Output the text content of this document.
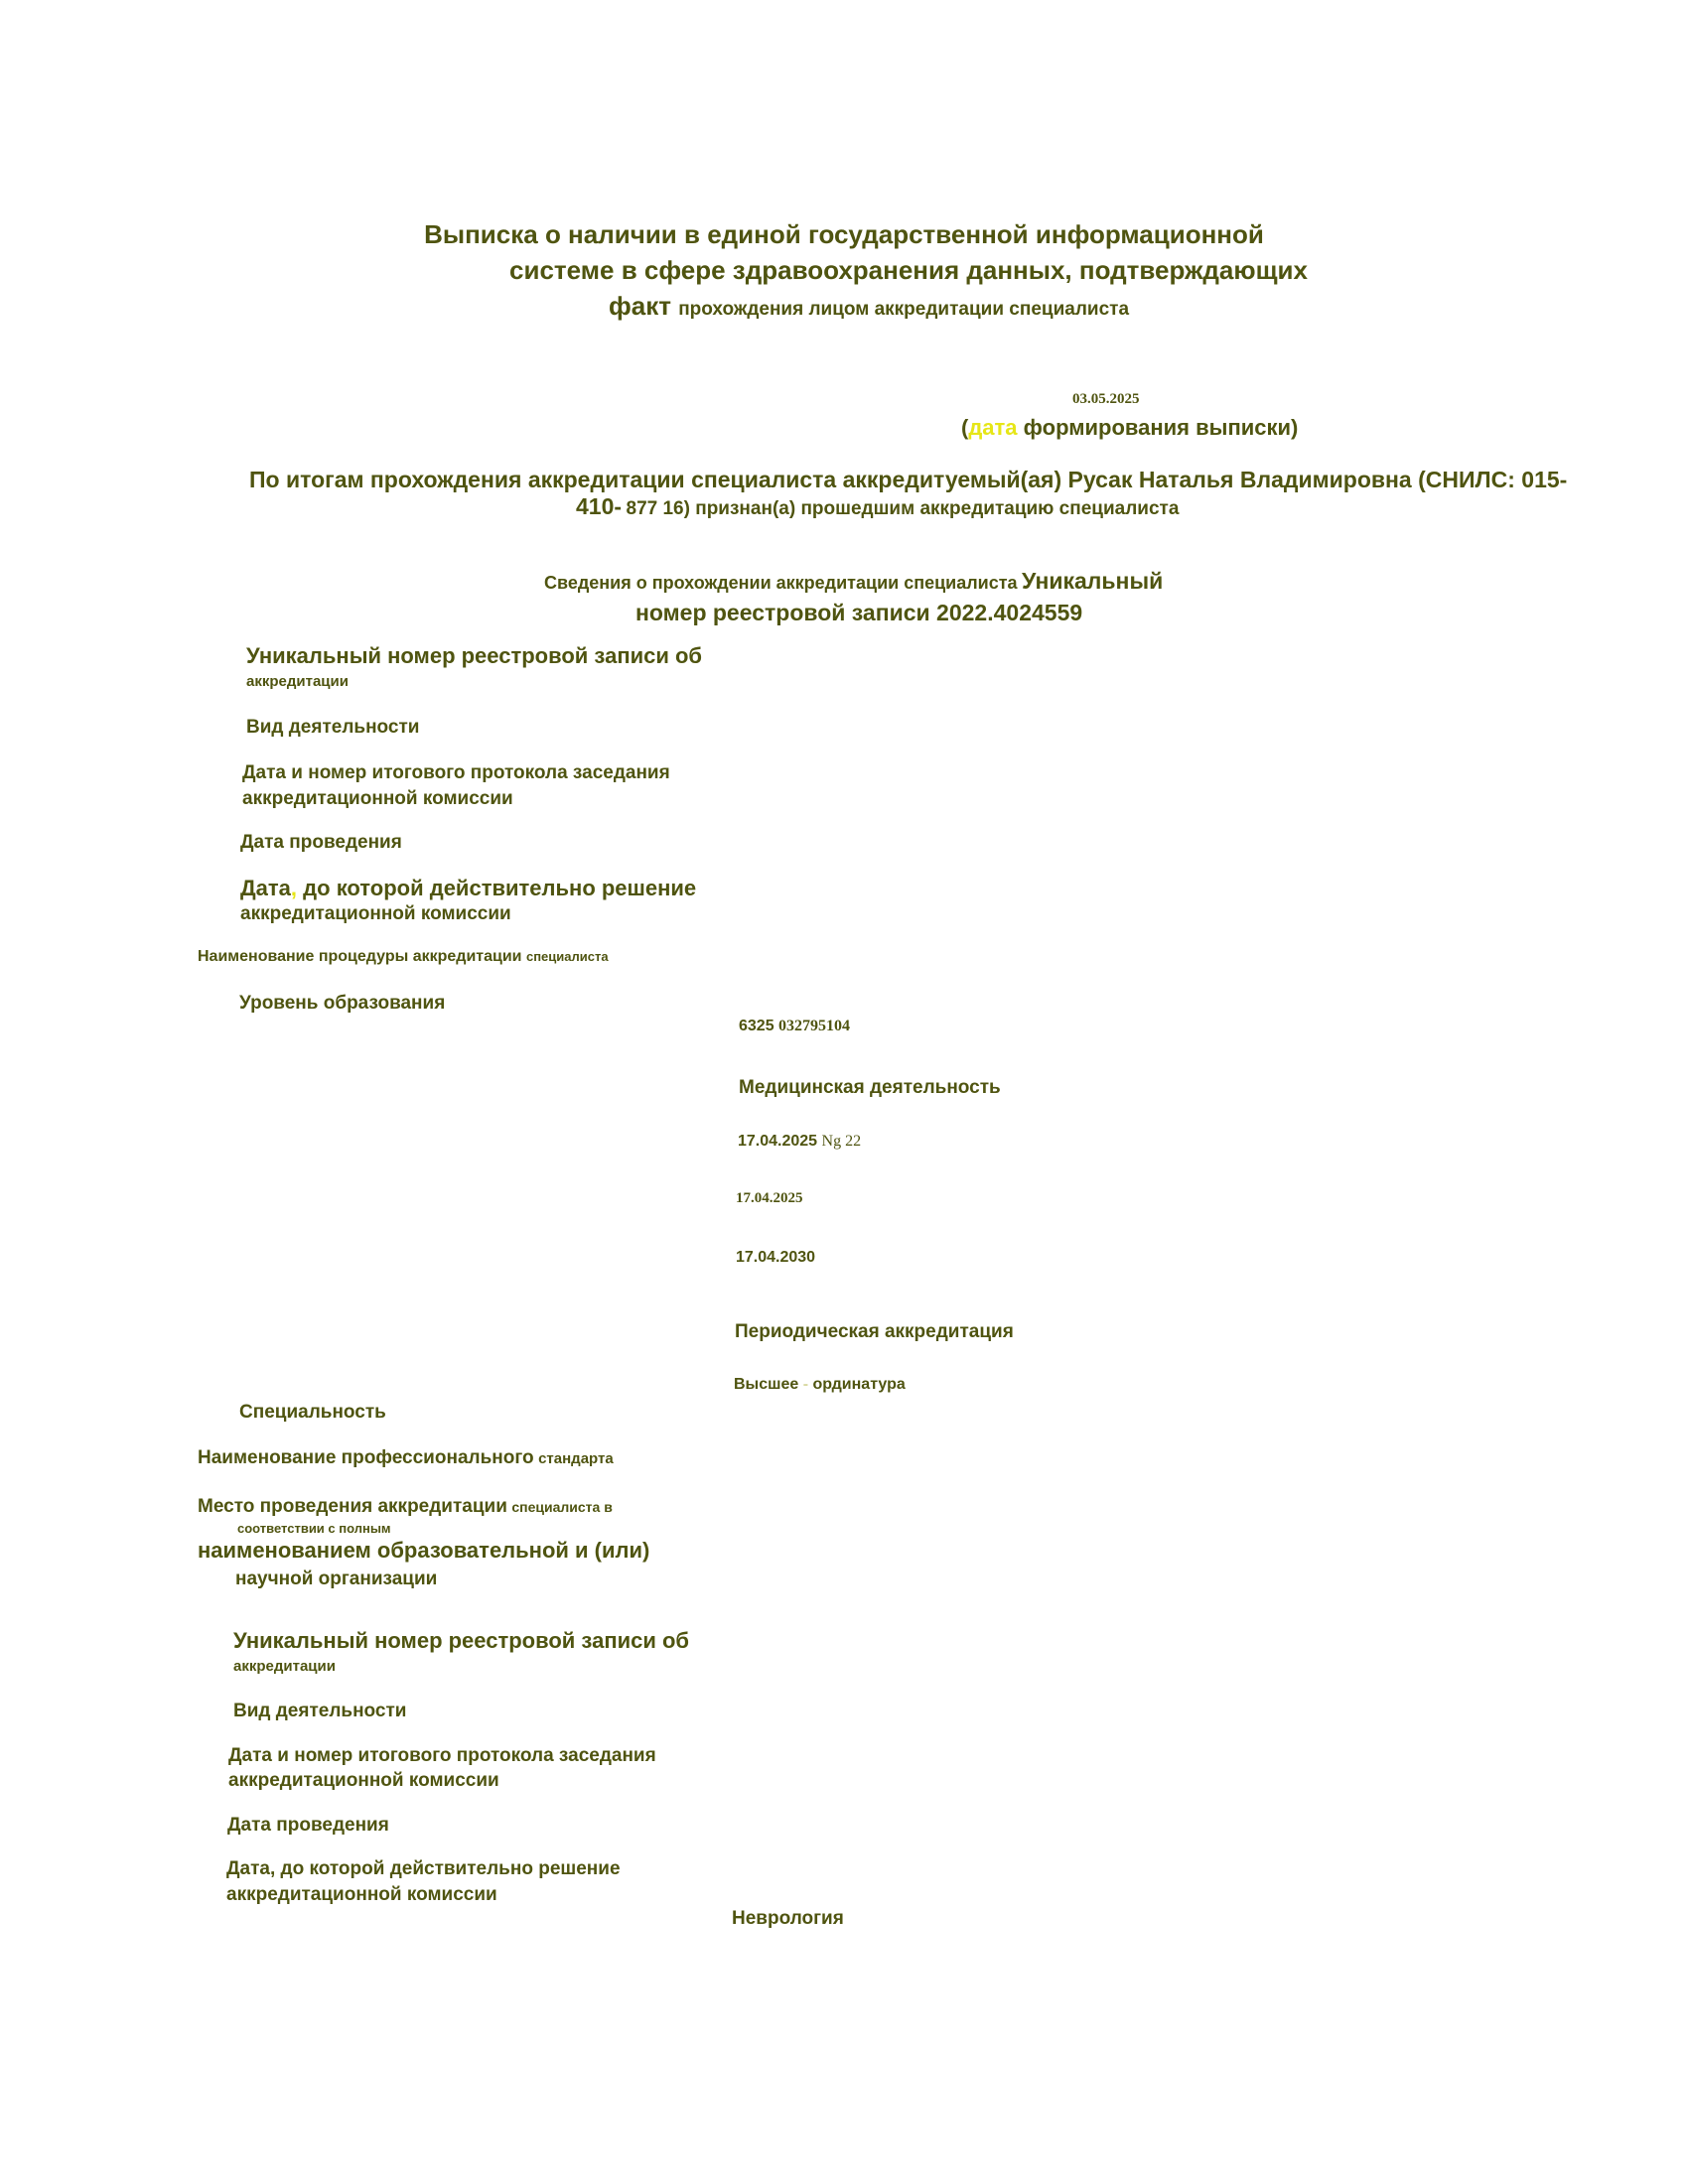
Выписка о наличии в единой государственной информационной
системе в сфере здравоохранения данных, подтверждающих
факт прохождения лицом аккредитации специалиста
03.05.2025
(дата формирования выписки)
По итогам прохождения аккредитации специалиста аккредитуемый(ая) Русак Наталья Владимировна (СНИЛС: 015-
410- 877 16) признан(а) прошедшим аккредитацию специалиста
Сведения о прохождении аккредитации специалиста Уникальный
номер реестровой записи 2022.4024559
Уникальный номер реестровой записи об
аккредитации
Вид деятельности
Дата и номер итогового протокола заседания
аккредитационной комиссии
Дата проведения
Дата, до которой действительно решение
аккредитационной комиссии
Наименование процедуры аккредитации специалиста
Уровень образования
6325 032795104
Медицинская деятельность
17.04.2025 Ng 22
17.04.2025
17.04.2030
Периодическая аккредитация
Высшее - ординатура
Специальность
Наименование профессионального стандарта
Место проведения аккредитации специалиста в
соответствии с полным
наименованием образовательной и (или)
научной организации
Уникальный номер реестровой записи об
аккредитации
Вид деятельности
Дата и номер итогового протокола заседания
аккредитационной комиссии
Дата проведения
Дата, до которой действительно решение
аккредитационной комиссии
Неврология
